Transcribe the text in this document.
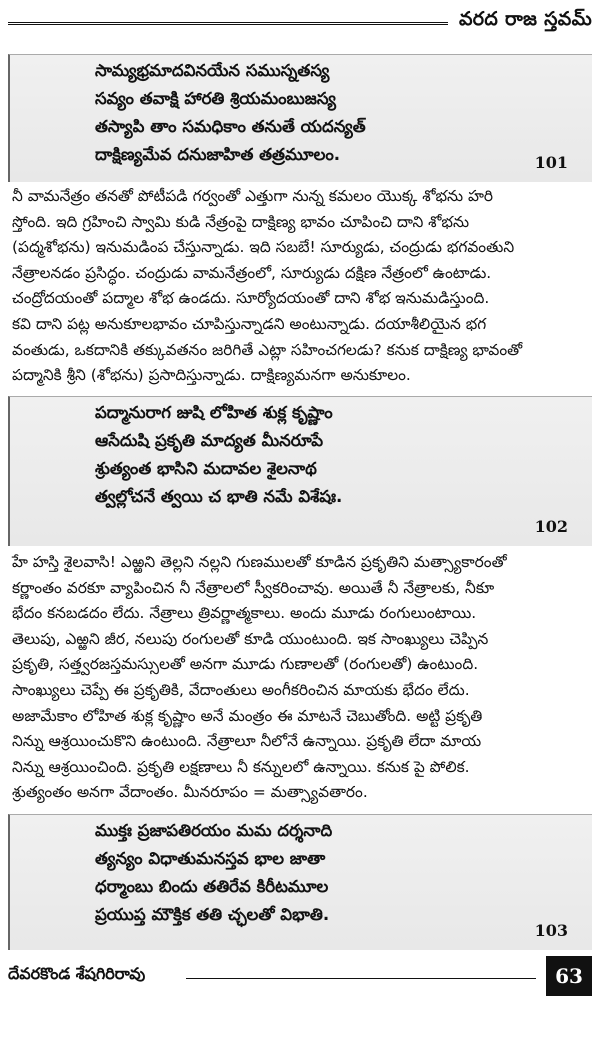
వరద రాజ స్తవమ్
సామ్యభ్రమాదవినయేన సముస్నతస్య
సవ్యం తవాక్షి హారతి శ్రియమంబుజస్య
తస్యాపి తాం సమధికాం తనుతే యదన్యత్
దాక్షిణ్యమేవ దనుజాహిత తత్రమూలం.	101

నీ వామనేత్రం తనతో పోటీపడి గర్వంతో ఎత్తుగా నున్న కమలం యొక్క శోభను హరి

స్తోంది. ఇది గ్రహించి స్వామి కుడి నేత్రంపై దాక్షిణ్య భావం చూపించి దాని శోభను

(పద్మశోభను) ఇనుమడింప చేస్తున్నాడు. ఇది సబబే! సూర్యుడు, చంద్రుడు భగవంతుని

నేత్రాలనడం ప్రసిద్ధం. చంద్రుడు వామనేత్రంలో, సూర్యుడు దక్షిణ నేత్రంలో ఉంటాడు.

చంద్రోదయంతో పద్మాల శోభ ఉండదు. సూర్యోదయంతో దాని శోభ ఇనుమడిస్తుంది.

కవి దాని పట్ల అనుకూలభావం చూపిస్తున్నాడని అంటున్నాడు. దయాశీలియైన భగ

వంతుడు, ఒకదానికి తక్కువతనం జరిగితే ఎట్లా సహించగలడు? కనుక దాక్షిణ్య భావంతో

పద్మానికి శ్రీని (శోభను) ప్రసాదిస్తున్నాడు. దాక్షిణ్యమనగా అనుకూలం.

పద్మానురాగ జుషి లోహిత శుక్ల కృష్ణాం
ఆసేదుషి ప్రకృతి మాద్యత మీనరూపే
శ్రుత్యంత భాసిని మదావల శైలనాథ
త్వల్లోచనే త్వయి చ భాతి నమే విశేషః.
102

హే హస్తి శైలవాసి! ఎఱ్ఱని తెల్లని నల్లని గుణములతో కూడిన ప్రకృతిని మత్స్యాకారంతో

కర్ణాంతం వరకూ వ్యాపించిన నీ నేత్రాలలో స్వీకరించావు. అయితే నీ నేత్రాలకు, నీకూ

భేదం కనబడదం లేదు. నేత్రాలు త్రివర్ణాత్మకాలు. అందు మూడు రంగులుంటాయి.

తెలుపు, ఎఱ్ఱని జీర, నలుపు రంగులతో కూడి యుంటుంది. ఇక సాంఖ్యులు చెప్పిన

ప్రకృతి, సత్త్వరజస్తమస్సులతో అనగా మూడు గుణాలతో (రంగులతో) ఉంటుంది.

సాంఖ్యులు చెప్పే ఈ ప్రకృతికి, వేదాంతులు అంగీకరించిన మాయకు భేదం లేదు.

అజామేకాం లోహిత శుక్ల కృష్ణాం అనే మంత్రం ఈ మాటనే చెబుతోంది. అట్టి ప్రకృతి

నిన్ను ఆశ్రయించుకొని ఉంటుంది. నేత్రాలూ నీలోనే ఉన్నాయి. ప్రకృతి లేదా మాయ

నిన్ను ఆశ్రయించింది. ప్రకృతి లక్షణాలు నీ కన్నులలో ఉన్నాయి. కనుక పై పోలిక.

శ్రుత్యంతం అనగా వేదాంతం. మీనరూపం = మత్స్యావతారం.

ముక్తః ప్రజాపతిరయం మమ దర్శనాది
త్యన్యం విధాతుమనస్తవ భాల జాతా
ధర్మాంబు బిందు తతిరేవ కిరీటమూల
ప్రయుప్త మౌక్తిక తతి చ్ఛలతో విభాతి.
103
దేవరకొండ శేషగిరిరావు	63
